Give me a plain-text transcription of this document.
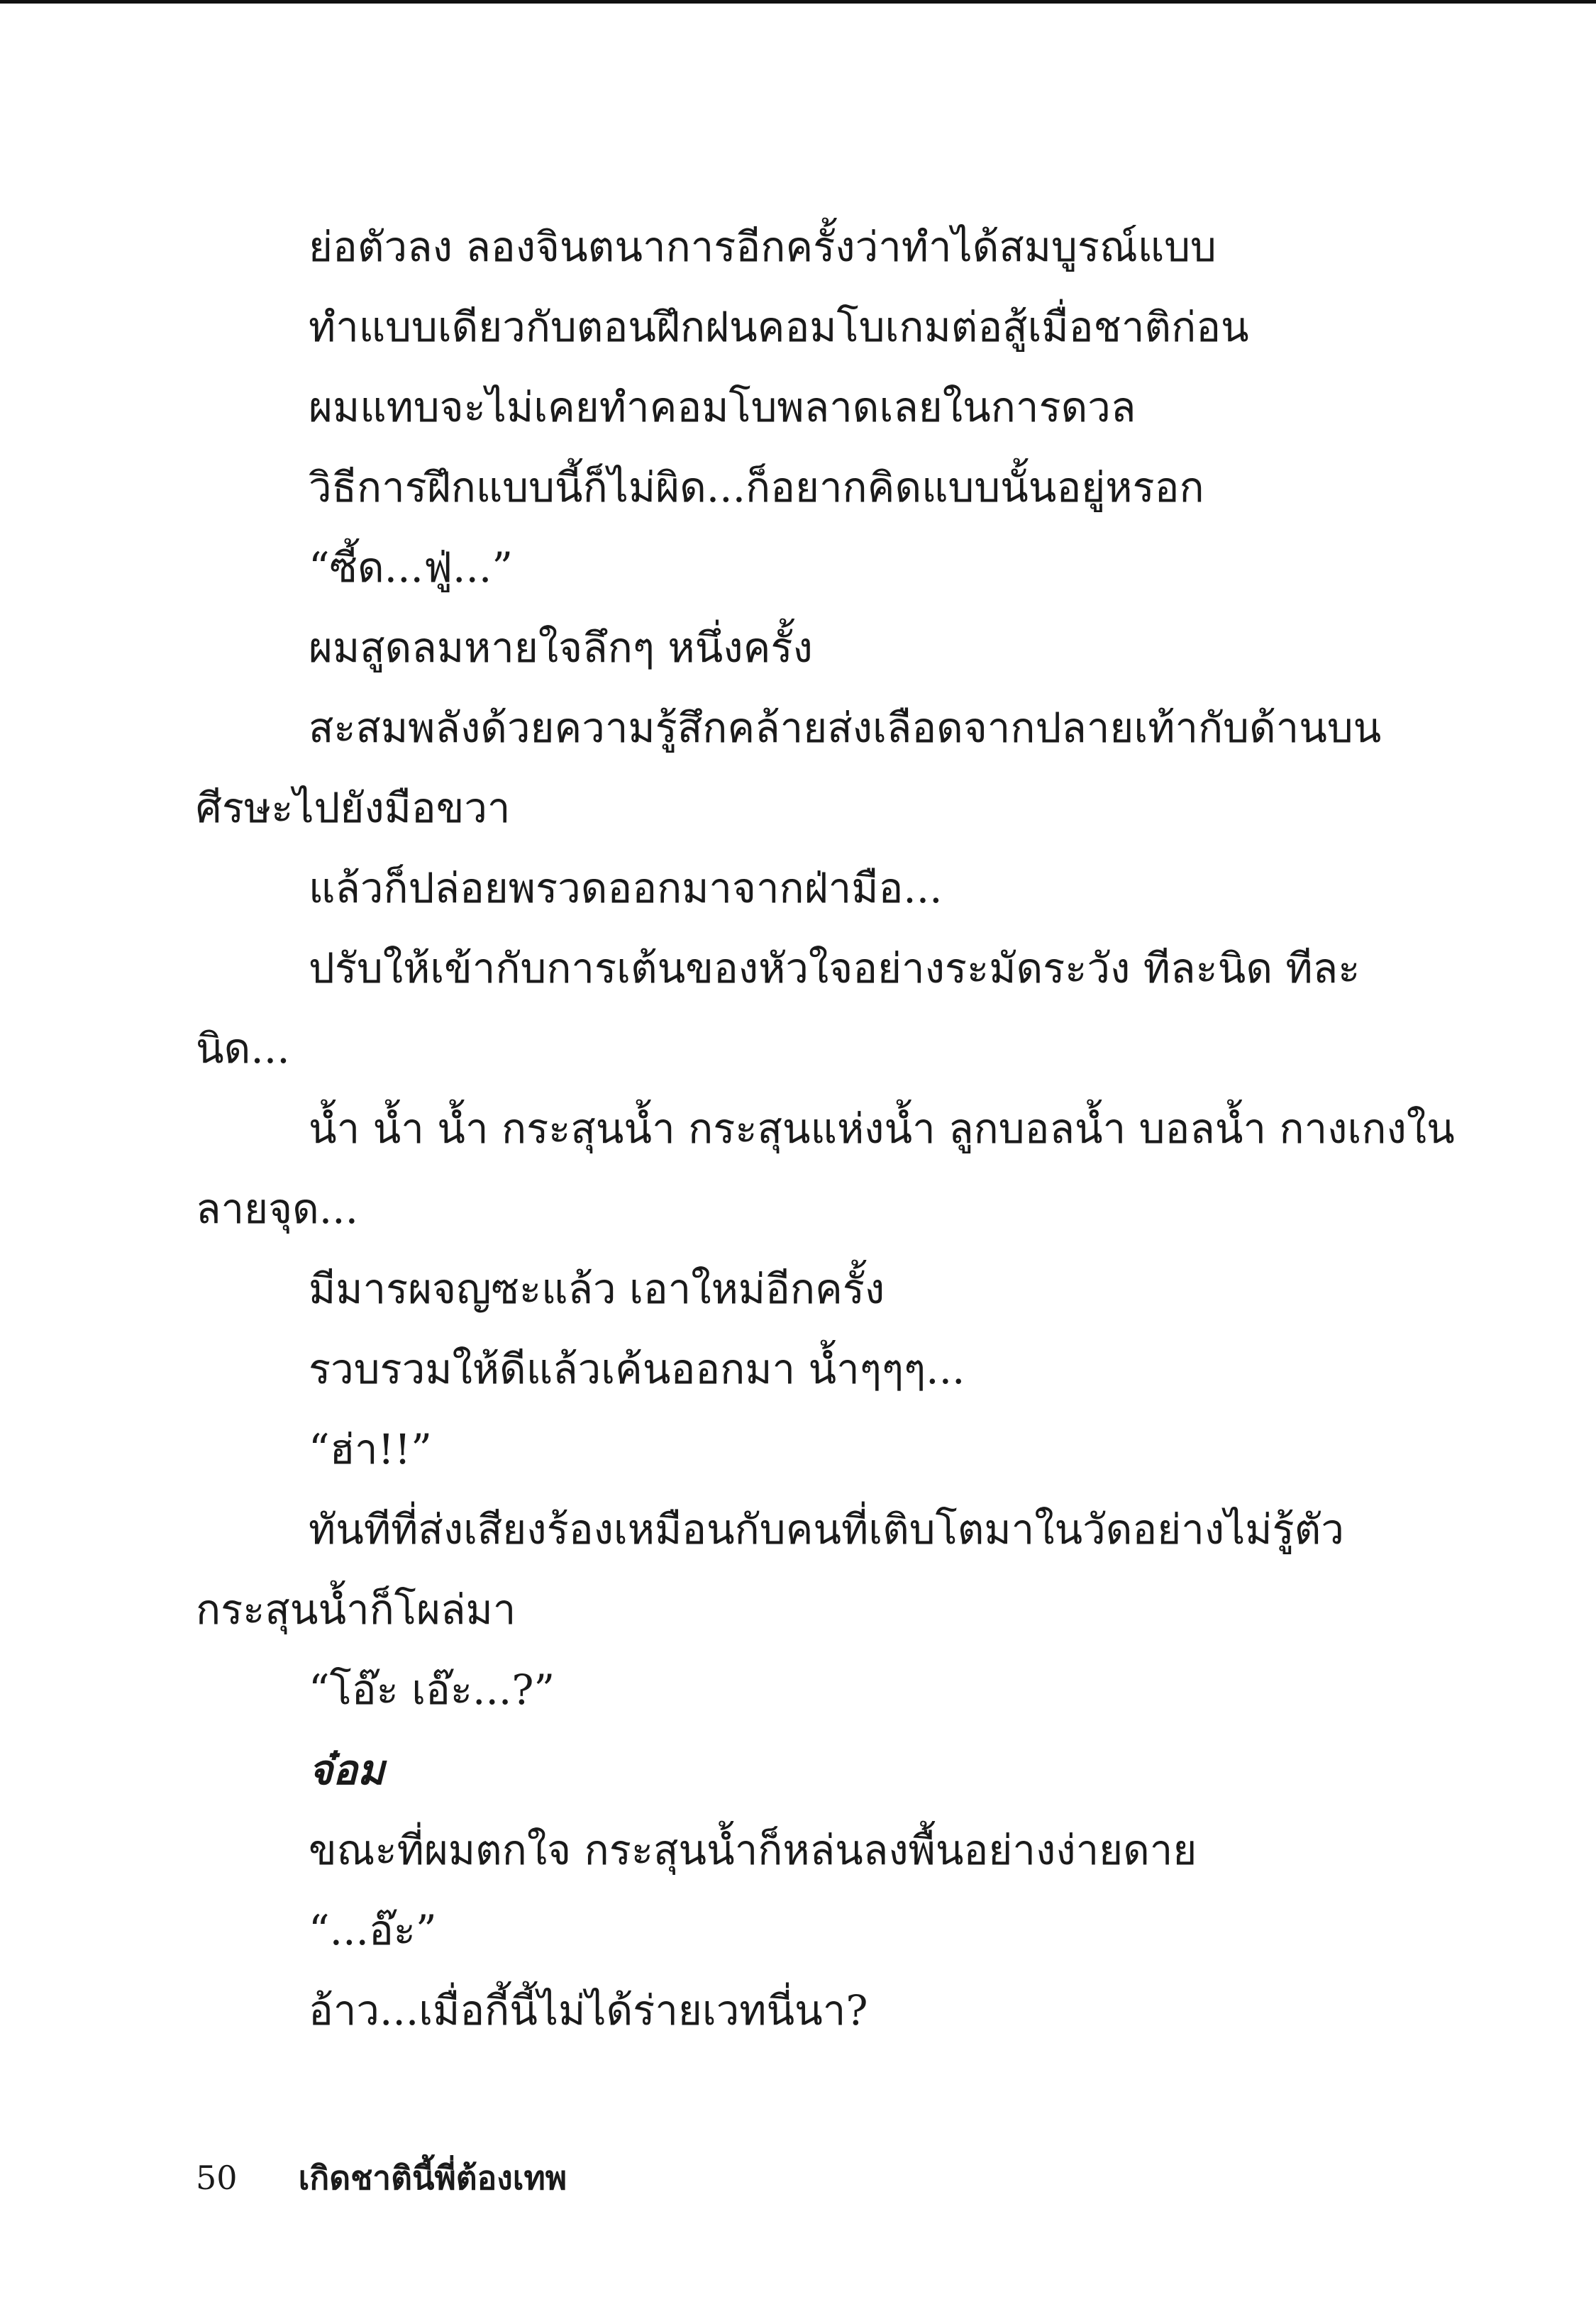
ย่อตัวลง ลองจินตนาการอีกครั้งว่าทำได้สมบูรณ์แบบ
ทำแบบเดียวกับตอนฝึกฝนคอมโบเกมต่อสู้เมื่อชาติก่อน
ผมแทบจะไม่เคยทำคอมโบพลาดเลยในการดวล
วิธีการฝึกแบบนี้ก็ไม่ผิด...ก็อยากคิดแบบนั้นอยู่หรอก
“ซี้ด...ฟู่...”
ผมสูดลมหายใจลึกๆ หนึ่งครั้ง
สะสมพลังด้วยความรู้สึกคล้ายส่งเลือดจากปลายเท้ากับด้านบน
ศีรษะไปยังมือขวา
แล้วก็ปล่อยพรวดออกมาจากฝ่ามือ...
ปรับให้เข้ากับการเต้นของหัวใจอย่างระมัดระวัง ทีละนิด ทีละ
นิด...
น้ำ น้ำ น้ำ กระสุนน้ำ กระสุนแห่งน้ำ ลูกบอลน้ำ บอลน้ำ กางเกงใน
ลายจุด...
มีมารผจญซะแล้ว เอาใหม่อีกครั้ง
รวบรวมให้ดีแล้วเค้นออกมา น้ำๆๆๆ...
“ฮ่า!!”
ทันทีที่ส่งเสียงร้องเหมือนกับคนที่เติบโตมาในวัดอย่างไม่รู้ตัว
กระสุนน้ำก็โผล่มา
“โอ๊ะ เอ๊ะ...?”
จ๋อม
ขณะที่ผมตกใจ กระสุนน้ำก็หล่นลงพื้นอย่างง่ายดาย
“...อ๊ะ”
อ้าว...เมื่อกี้นี้ไม่ได้ร่ายเวทนี่นา?
50 เกิดชาตินี้พี่ต้องเทพ
